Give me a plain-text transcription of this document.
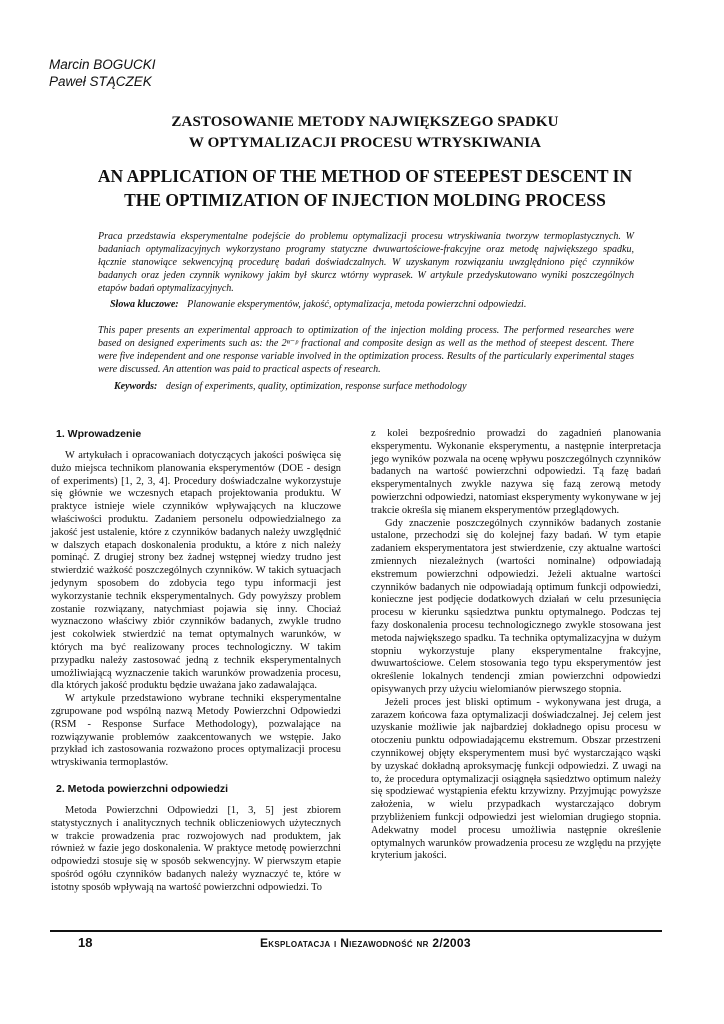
Marcin BOGUCKI
Paweł STĄCZEK
ZASTOSOWANIE METODY NAJWIĘKSZEGO SPADKU
W OPTYMALIZACJI PROCESU WTRYSKIWANIA
AN APPLICATION OF THE METHOD OF STEEPEST DESCENT IN
THE OPTIMIZATION OF INJECTION MOLDING PROCESS
Praca przedstawia eksperymentalne podejście do problemu optymalizacji procesu wtryskiwania tworzyw termoplastycznych. W badaniach optymalizacyjnych wykorzystano programy statyczne dwuwartościowe-frakcyjne oraz metodę największego spadku, łącznie stanowiące sekwencyjną procedurę badań doświadczalnych. W uzyskanym rozwiązaniu uwzględniono pięć czynników badanych oraz jeden czynnik wynikowy jakim był skurcz wtórny wyprasek. W artykule przedyskutowano wyniki poszczególnych etapów badań optymalizacyjnych.
Słowa kluczowe: Planowanie eksperymentów, jakość, optymalizacja, metoda powierzchni odpowiedzi.
This paper presents an experimental approach to optimization of the injection molding process. The performed researches were based on designed experiments such as: the 2ⁿ⁻ᵖ fractional and composite design as well as the method of steepest descent. There were five independent and one response variable involved in the optimization process. Results of the particularly experimental stages were discussed. An attention was paid to practical aspects of research.
Keywords: design of experiments, quality, optimization, response surface methodology
1. Wprowadzenie

W artykułach i opracowaniach dotyczących jakości poświęca się dużo miejsca technikom planowania eksperymentów (DOE - design of experiments) [1, 2, 3, 4]. Procedury doświadczalne wykorzystuje się głównie we wczesnych etapach projektowania produktu. W praktyce istnieje wiele czynników wpływających na kluczowe właściwości produktu. Zadaniem personelu odpowiedzialnego za jakość jest ustalenie, które z czynników badanych należy uwzględnić w dalszych etapach doskonalenia produktu, a które z nich należy pominąć. Z drugiej strony bez żadnej wstępnej wiedzy trudno jest stwierdzić ważkość poszczególnych czynników. W takich sytuacjach jedynym sposobem do zdobycia tego typu informacji jest wykorzystanie technik eksperymentalnych. Gdy powyższy problem zostanie rozwiązany, natychmiast pojawia się inny. Chociaż wyznaczono właściwy zbiór czynników badanych, zwykle trudno jest cokolwiek stwierdzić na temat optymalnych warunków, w których ma być realizowany proces technologiczny. W takim przypadku należy zastosować jedną z technik eksperymentalnych umożliwiającą wyznaczenie takich warunków prowadzenia procesu, dla których jakość produktu będzie uważana jako zadawalająca.

W artykule przedstawiono wybrane techniki eksperymentalne zgrupowane pod wspólną nazwą Metody Powierzchni Odpowiedzi (RSM - Response Surface Methodology), pozwalające na rozwiązywanie problemów zaakcentowanych we wstępie. Jako przykład ich zastosowania rozważono proces optymalizacji procesu wtryskiwania termoplastów.

2. Metoda powierzchni odpowiedzi

Metoda Powierzchni Odpowiedzi [1, 3, 5] jest zbiorem statystycznych i analitycznych technik obliczeniowych użytecznych w trakcie prowadzenia prac rozwojowych nad produktem, jak również w fazie jego doskonalenia. W praktyce metodę powierzchni odpowiedzi stosuje się w sposób sekwencyjny. W pierwszym etapie spośród ogółu czynników badanych należy wyznaczyć te, które w istotny sposób wpływają na wartość powierzchni odpowiedzi. To

z kolei bezpośrednio prowadzi do zagadnień planowania eksperymentu. Wykonanie eksperymentu, a następnie interpretacja jego wyników pozwala na ocenę wpływu poszczególnych czynników badanych na wartość powierzchni odpowiedzi. Tą fazę badań eksperymentalnych zwykle nazywa się fazą zerową metody powierzchni odpowiedzi, natomiast eksperymenty wykonywane w jej trakcie określa się mianem eksperymentów przeglądowych.

Gdy znaczenie poszczególnych czynników badanych zostanie ustalone, przechodzi się do kolejnej fazy badań. W tym etapie zadaniem eksperymentatora jest stwierdzenie, czy aktualne wartości zmiennych niezależnych (wartości nominalne) odpowiadają ekstremum powierzchni odpowiedzi. Jeżeli aktualne wartości czynników badanych nie odpowiadają optimum funkcji odpowiedzi, konieczne jest podjęcie dodatkowych działań w celu przesunięcia procesu w kierunku sąsiedztwa punktu optymalnego. Podczas tej fazy doskonalenia procesu technologicznego zwykle stosowana jest metoda największego spadku. Ta technika optymalizacyjna w dużym stopniu wykorzystuje plany eksperymentalne frakcyjne, dwuwartościowe. Celem stosowania tego typu eksperymentów jest określenie lokalnych tendencji zmian powierzchni odpowiedzi opisywanych przy użyciu wielomianów pierwszego stopnia.

Jeżeli proces jest bliski optimum - wykonywana jest druga, a zarazem końcowa faza optymalizacji doświadczalnej. Jej celem jest uzyskanie możliwie jak najbardziej dokładnego opisu procesu w otoczeniu punktu odpowiadającemu ekstremum. Obszar przestrzeni czynnikowej objęty eksperymentem musi być wystarczająco wąski by uzyskać dokładną aproksymację funkcji odpowiedzi. Z uwagi na to, że procedura optymalizacji osiągnęła sąsiedztwo optimum należy się spodziewać wystąpienia efektu krzywizny. Przyjmując powyższe założenia, w wielu przypadkach wystarczająco dobrym przybliżeniem funkcji odpowiedzi jest wielomian drugiego stopnia. Adekwatny model procesu umożliwia następnie określenie optymalnych warunków prowadzenia procesu ze względu na przyjęte kryterium jakości.

18	Eksploatacja i Niezawodność nr 2/2003
